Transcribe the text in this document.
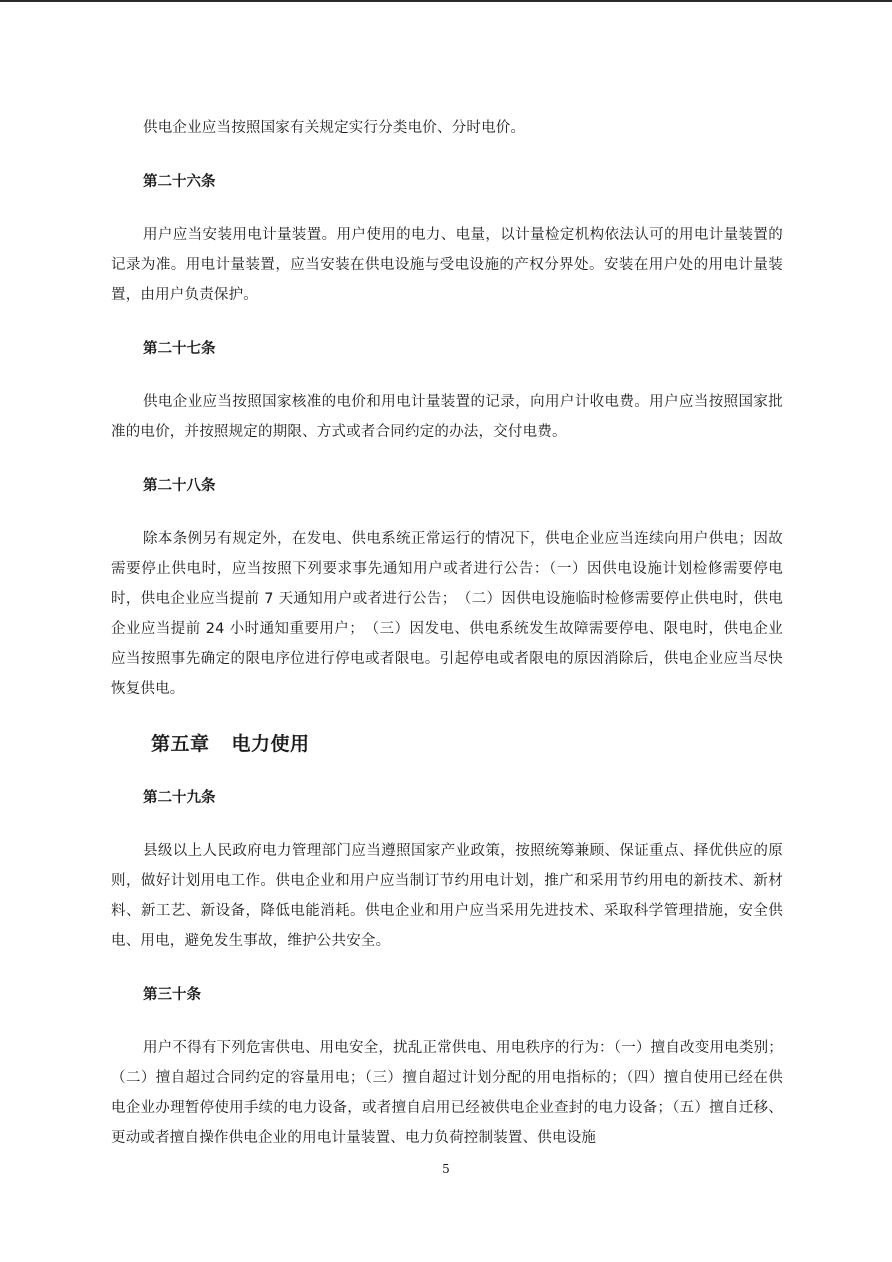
供电企业应当按照国家有关规定实行分类电价、分时电价。

第二十六条

用户应当安装用电计量装置。用户使用的电力、电量，以计量检定机构依法认可的用电计量装置的记录为准。用电计量装置，应当安装在供电设施与受电设施的产权分界处。安装在用户处的用电计量装置，由用户负责保护。

第二十七条

供电企业应当按照国家核准的电价和用电计量装置的记录，向用户计收电费。用户应当按照国家批准的电价，并按照规定的期限、方式或者合同约定的办法，交付电费。

第二十八条

除本条例另有规定外，在发电、供电系统正常运行的情况下，供电企业应当连续向用户供电；因故需要停止供电时，应当按照下列要求事先通知用户或者进行公告：（一）因供电设施计划检修需要停电时，供电企业应当提前 7 天通知用户或者进行公告；　（二）因供电设施临时检修需要停止供电时，供电企业应当提前 24 小时通知重要用户；　（三）因发电、供电系统发生故障需要停电、限电时，供电企业应当按照事先确定的限电序位进行停电或者限电。引起停电或者限电的原因消除后，供电企业应当尽快恢复供电。

第五章 电力使用
第二十九条

县级以上人民政府电力管理部门应当遵照国家产业政策，按照统筹兼顾、保证重点、择优供应的原则，做好计划用电工作。供电企业和用户应当制订节约用电计划，推广和采用节约用电的新技术、新材料、新工艺、新设备，降低电能消耗。供电企业和用户应当采用先进技术、采取科学管理措施，安全供电、用电，避免发生事故，维护公共安全。

第三十条

用户不得有下列危害供电、用电安全，扰乱正常供电、用电秩序的行为：（一）擅自改变用电类别；（二）擅自超过合同约定的容量用电；（三）擅自超过计划分配的用电指标的；（四）擅自使用已经在供电企业办理暂停使用手续的电力设备，或者擅自启用已经被供电企业查封的电力设备；（五）擅自迁移、更动或者擅自操作供电企业的用电计量装置、电力负荷控制装置、供电设施

5
